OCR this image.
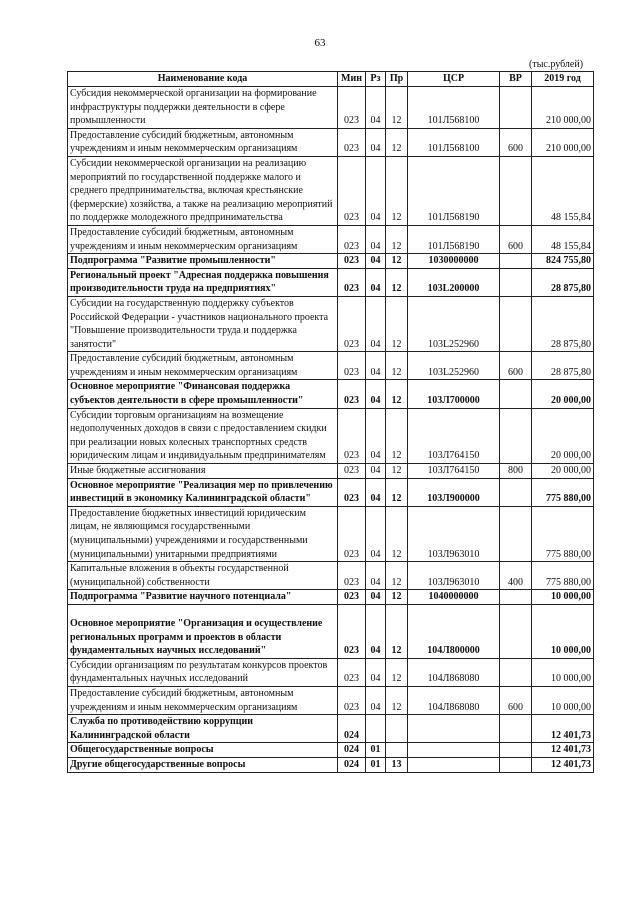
63
(тыс.рублей)
Наименование кода	Мин	Рз	Пр	ЦСР	ВР	2019 год
Субсидия некоммерческой организации на формирование инфраструктуры поддержки деятельности в сфере промышленности	023	04	12	101Л568100		210 000,00
Предоставление субсидий бюджетным, автономным учреждениям и иным некоммерческим организациям	023	04	12	101Л568100	600	210 000,00
Субсидии некоммерческой организации на реализацию мероприятий по государственной поддержке малого и среднего предпринимательства, включая крестьянские (фермерские) хозяйства, а также на реализацию мероприятий по поддержке молодежного предпринимательства	023	04	12	101Л568190		48 155,84
Предоставление субсидий бюджетным, автономным учреждениям и иным некоммерческим организациям	023	04	12	101Л568190	600	48 155,84
Подпрограмма "Развитие промышленности"	023	04	12	1030000000		824 755,80
Региональный проект "Адресная поддержка повышения производительности труда на предприятиях"	023	04	12	103L200000		28 875,80
Субсидии на государственную поддержку субъектов Российской Федерации - участников национального проекта "Повышение производительности труда и поддержка занятости"	023	04	12	103L252960		28 875,80
Предоставление субсидий бюджетным, автономным учреждениям и иным некоммерческим организациям	023	04	12	103L252960	600	28 875,80
Основное мероприятие "Финансовая поддержка субъектов деятельности в сфере промышленности"	023	04	12	103Л700000		20 000,00
Субсидии торговым организациям на возмещение недополученных доходов в связи с предоставлением скидки при реализации новых колесных транспортных средств юридическим лицам и индивидуальным предпринимателям	023	04	12	103Л764150		20 000,00
Иные бюджетные ассигнования	023	04	12	103Л764150	800	20 000,00
Основное мероприятие "Реализация мер по привлечению инвестиций в экономику Калининградской области"	023	04	12	103Л900000		775 880,00
Предоставление бюджетных инвестиций юридическим лицам, не являющимся государственными (муниципальными) учреждениями и государственными (муниципальными) унитарными предприятиями	023	04	12	103Л963010		775 880,00
Капитальные вложения в объекты государственной (муниципальной) собственности	023	04	12	103Л963010	400	775 880,00
Подпрограмма "Развитие научного потенциала"	023	04	12	1040000000		10 000,00
Основное мероприятие "Организация и осуществление региональных программ и проектов в области фундаментальных научных исследований"	023	04	12	104Л800000		10 000,00
Субсидии организациям по результатам конкурсов проектов фундаментальных научных исследований	023	04	12	104Л868080		10 000,00
Предоставление субсидий бюджетным, автономным учреждениям и иным некоммерческим организациям	023	04	12	104Л868080	600	10 000,00
Служба по противодействию коррупции Калининградской области	024					12 401,73
Общегосударственные вопросы	024	01				12 401,73
Другие общегосударственные вопросы	024	01	13			12 401,73
